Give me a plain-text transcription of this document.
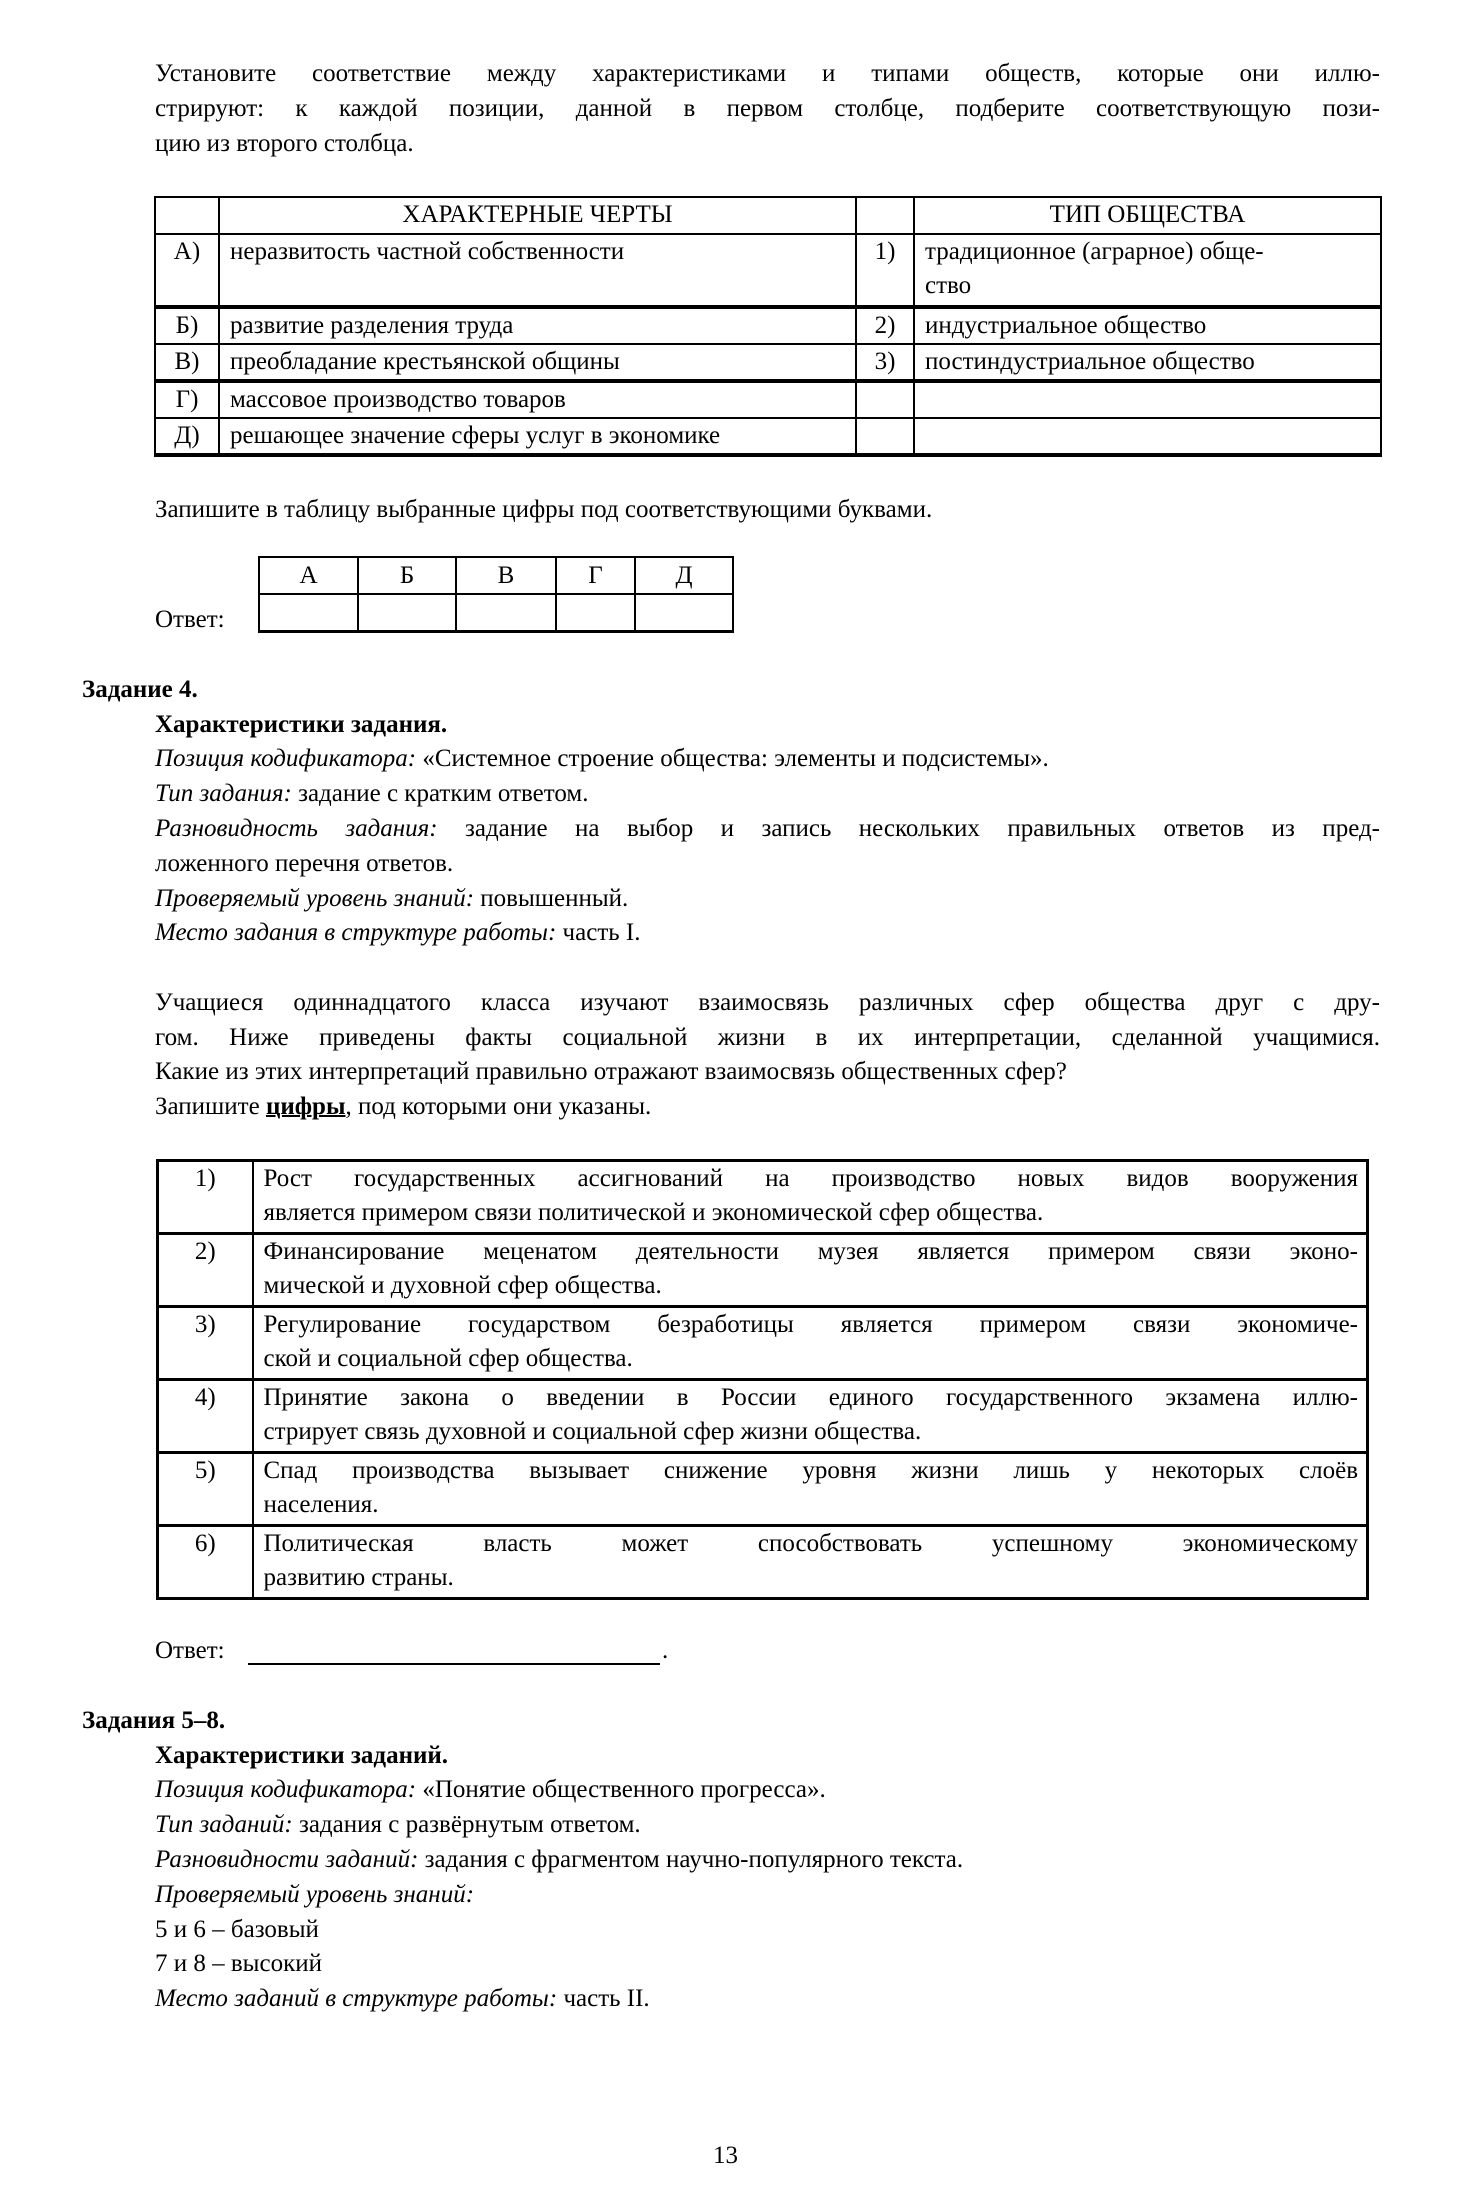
Установите соответствие между характеристиками и типами обществ, которые они иллю-
стрируют: к каждой позиции, данной в первом столбце, подберите соответствующую пози-
цию из второго столбца.
	ХАРАКТЕРНЫЕ ЧЕРТЫ		ТИП ОБЩЕСТВА
А)	неразвитость частной собственности	1)	традиционное (аграрное) обще-
ство
Б)	развитие разделения труда	2)	индустриальное общество
В)	преобладание крестьянской общины	3)	постиндустриальное общество
Г)	массовое производство товаров		
Д)	решающее значение сферы услуг в экономике		
Запишите в таблицу выбранные цифры под соответствующими буквами.
Ответ:
А	Б	В	Г	Д

Задание 4.
Характеристики задания.
Позиция кодификатора: «Системное строение общества: элементы и подсистемы».
Тип задания: задание с кратким ответом.
Разновидность задания: задание на выбор и запись нескольких правильных ответов из пред-
ложенного перечня ответов.
Проверяемый уровень знаний: повышенный.
Место задания в структуре работы: часть I.
Учащиеся одиннадцатого класса изучают взаимосвязь различных сфер общества друг с дру-
гом. Ниже приведены факты социальной жизни в их интерпретации, сделанной учащимися.
Какие из этих интерпретаций правильно отражают взаимосвязь общественных сфер?
Запишите цифры, под которыми они указаны.
1)	Рост государственных ассигнований на производство новых видов вооружения
является примером связи политической и экономической сфер общества.

2)	Финансирование меценатом деятельности музея является примером связи эконо-
мической и духовной сфер общества.

3)	Регулирование государством безработицы является примером связи экономиче-
ской и социальной сфер общества.

4)	Принятие закона о введении в России единого государственного экзамена иллю-
стрирует связь духовной и социальной сфер жизни общества.

5)	Спад производства вызывает снижение уровня жизни лишь у некоторых слоёв
населения.

6)	Политическая власть может способствовать успешному экономическому
развитию страны.
Ответ:	.
Задания 5–8.
Характеристики заданий.
Позиция кодификатора: «Понятие общественного прогресса».
Тип заданий: задания с развёрнутым ответом.
Разновидности заданий: задания с фрагментом научно-популярного текста.
Проверяемый уровень знаний:
5 и 6 – базовый
7 и 8 – высокий
Место заданий в структуре работы: часть II.
13
